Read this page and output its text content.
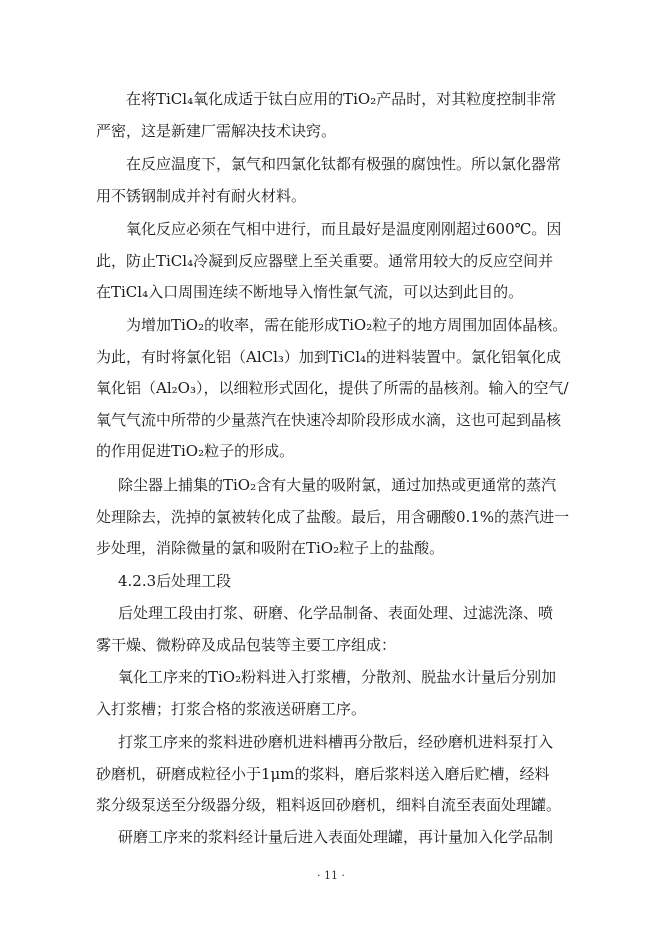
在将TiCl₄氧化成适于钛白应用的TiO₂产品时，对其粒度控制非常
严密，这是新建厂需解决技术诀窍。

在反应温度下，氯气和四氯化钛都有极强的腐蚀性。所以氯化器常
用不锈钢制成并衬有耐火材料。

氧化反应必须在气相中进行，而且最好是温度刚刚超过600℃。因
此，防止TiCl₄冷凝到反应器壁上至关重要。通常用较大的反应空间并
在TiCl₄入口周围连续不断地导入惰性氯气流，可以达到此目的。

为增加TiO₂的收率，需在能形成TiO₂粒子的地方周围加固体晶核。
为此，有时将氯化铝（AlCl₃）加到TiCl₄的进料装置中。氯化铝氧化成
氧化铝（Al₂O₃），以细粒形式固化，提供了所需的晶核剂。输入的空气/
氧气气流中所带的少量蒸汽在快速冷却阶段形成水滴，这也可起到晶核
的作用促进TiO₂粒子的形成。

除尘器上捕集的TiO₂含有大量的吸附氯，通过加热或更通常的蒸汽
处理除去，洗掉的氯被转化成了盐酸。最后，用含硼酸0.1%的蒸汽进一
步处理，消除微量的氯和吸附在TiO₂粒子上的盐酸。

4.2.3后处理工段

后处理工段由打浆、研磨、化学品制备、表面处理、过滤洗涤、喷
雾干燥、微粉碎及成品包装等主要工序组成：

氧化工序来的TiO₂粉料进入打浆槽，分散剂、脱盐水计量后分别加
入打浆槽；打浆合格的浆液送研磨工序。

打浆工序来的浆料进砂磨机进料槽再分散后，经砂磨机进料泵打入
砂磨机，研磨成粒径小于1μm的浆料，磨后浆料送入磨后贮槽，经料
浆分级泵送至分级器分级，粗料返回砂磨机，细料自流至表面处理罐。

研磨工序来的浆料经计量后进入表面处理罐，再计量加入化学品制

· 11 ·
